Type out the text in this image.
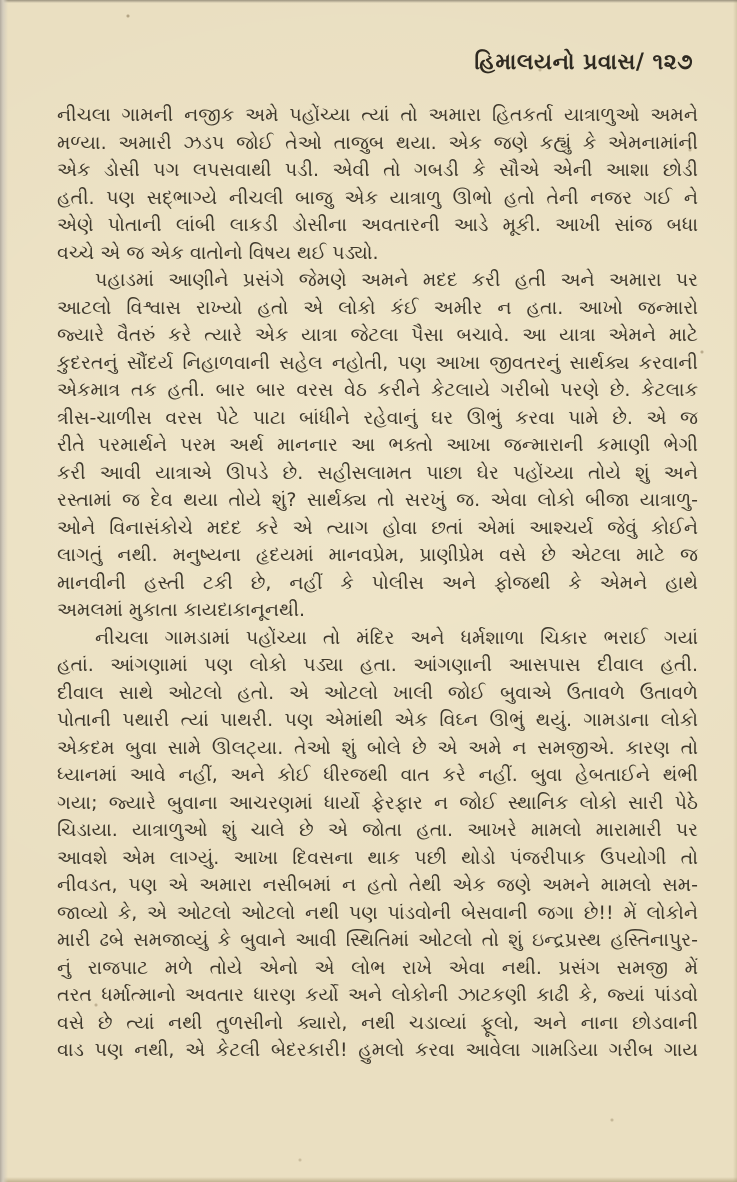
હિમાલયનો પ્રવાસ/ ૧૨૭
નીચલા ગામની નજીક અમે પહોંચ્યા ત્યાં તો અમારા હિતકર્તા યાત્રાળુઓ અમને
મળ્યા. અમારી ઝડપ જોઈ તેઓ તાજુબ થયા. એક જણે કહ્યું કે એમનામાંની
એક ડોસી પગ લપસવાથી પડી. એવી તો ગબડી કે સૌએ એની આશા છોડી
હતી. પણ સદ્‌ભાગ્યે નીચલી બાજુ એક યાત્રાળુ ઊભો હતો તેની નજર ગઈ ને
એણે પોતાની લાંબી લાકડી ડોસીના અવતારની આડે મૂકી. આખી સાંજ બધા
વચ્ચે એ જ એક વાતોનો વિષય થઈ પડ્યો.
પહાડમાં આણીને પ્રસંગે જેમણે અમને મદદ કરી હતી અને અમારા પર
આટલો વિશ્વાસ રાખ્યો હતો એ લોકો કંઈ અમીર ન હતા. આખો જન્મારો
જ્યારે વૈતરું કરે ત્યારે એક યાત્રા જેટલા પૈસા બચાવે. આ યાત્રા એમને માટે
કુદરતનું સૌંદર્ય નિહાળવાની સહેલ નહોતી, પણ આખા જીવતરનું સાર્થક્ય કરવાની
એકમાત્ર તક હતી. બાર બાર વરસ વેઠ કરીને કેટલાયે ગરીબો પરણે છે. કેટલાક
ત્રીસ-ચાળીસ વરસ પેટે પાટા બાંધીને રહેવાનું ઘર ઊભું કરવા પામે છે. એ જ
રીતે પરમાર્થને પરમ અર્થ માનનાર આ ભક્તો આખા જન્મારાની કમાણી ભેગી
કરી આવી યાત્રાએ ઊપડે છે. સહીસલામત પાછા ઘેર પહોંચ્યા તોયે શું અને
રસ્તામાં જ દેવ થયા તોયે શું? સાર્થક્ય તો સરખું જ. એવા લોકો બીજા યાત્રાળુ-
ઓને વિનાસંકોચે મદદ કરે એ ત્યાગ હોવા છતાં એમાં આશ્ચર્ય જેવું કોઈને
લાગતું નથી. મનુષ્યના હૃદયમાં માનવપ્રેમ, પ્રાણીપ્રેમ વસે છે એટલા માટે જ
માનવીની હસ્તી ટકી છે, નહીં કે પોલીસ અને ફોજથી કે એમને હાથે
અમલમાં મુકાતા કાયદાકાનૂનથી.
નીચલા ગામડામાં પહોંચ્યા તો મંદિર અને ધર્મશાળા ચિકાર ભરાઈ ગયાં
હતાં. આંગણામાં પણ લોકો પડ્યા હતા. આંગણાની આસપાસ દીવાલ હતી.
દીવાલ સાથે ઓટલો હતો. એ ઓટલો ખાલી જોઈ બુવાએ ઉતાવળે ઉતાવળે
પોતાની પથારી ત્યાં પાથરી. પણ એમાંથી એક વિઘ્ન ઊભું થયું. ગામડાના લોકો
એકદમ બુવા સામે ઊલટ્યા. તેઓ શું બોલે છે એ અમે ન સમજીએ. કારણ તો
ધ્યાનમાં આવે નહીં, અને કોઈ ધીરજથી વાત કરે નહીં. બુવા હેબતાઈને થંભી
ગયા; જ્યારે બુવાના આચરણમાં ધાર્યો ફેરફાર ન જોઈ સ્થાનિક લોકો સારી પેઠે
ચિડાયા. યાત્રાળુઓ શું ચાલે છે એ જોતા હતા. આખરે મામલો મારામારી પર
આવશે એમ લાગ્યું. આખા દિવસના થાક પછી થોડો પંજરીપાક ઉપયોગી તો
નીવડત, પણ એ અમારા નસીબમાં ન હતો તેથી એક જણે અમને મામલો સમ-
જાવ્યો કે, એ ઓટલો ઓટલો નથી પણ પાંડવોની બેસવાની જગા છે!! મેં લોકોને
મારી ઢબે સમજાવ્યું કે બુવાને આવી સ્થિતિમાં ઓટલો તો શું ઇન્દ્રપ્રસ્થ હસ્તિનાપુર-
નું રાજપાટ મળે તોયે એનો એ લોભ રાખે એવા નથી. પ્રસંગ સમજી મેં
તરત ધર્માત્માનો અવતાર ધારણ કર્યો અને લોકોની ઝાટકણી કાઢી કે, જ્યાં પાંડવો
વસે છે ત્યાં નથી તુળસીનો ક્યારો, નથી ચડાવ્યાં ફૂલો, અને નાના છોડવાની
વાડ પણ નથી, એ કેટલી બેદરકારી! હુમલો કરવા આવેલા ગામડિયા ગરીબ ગાય
